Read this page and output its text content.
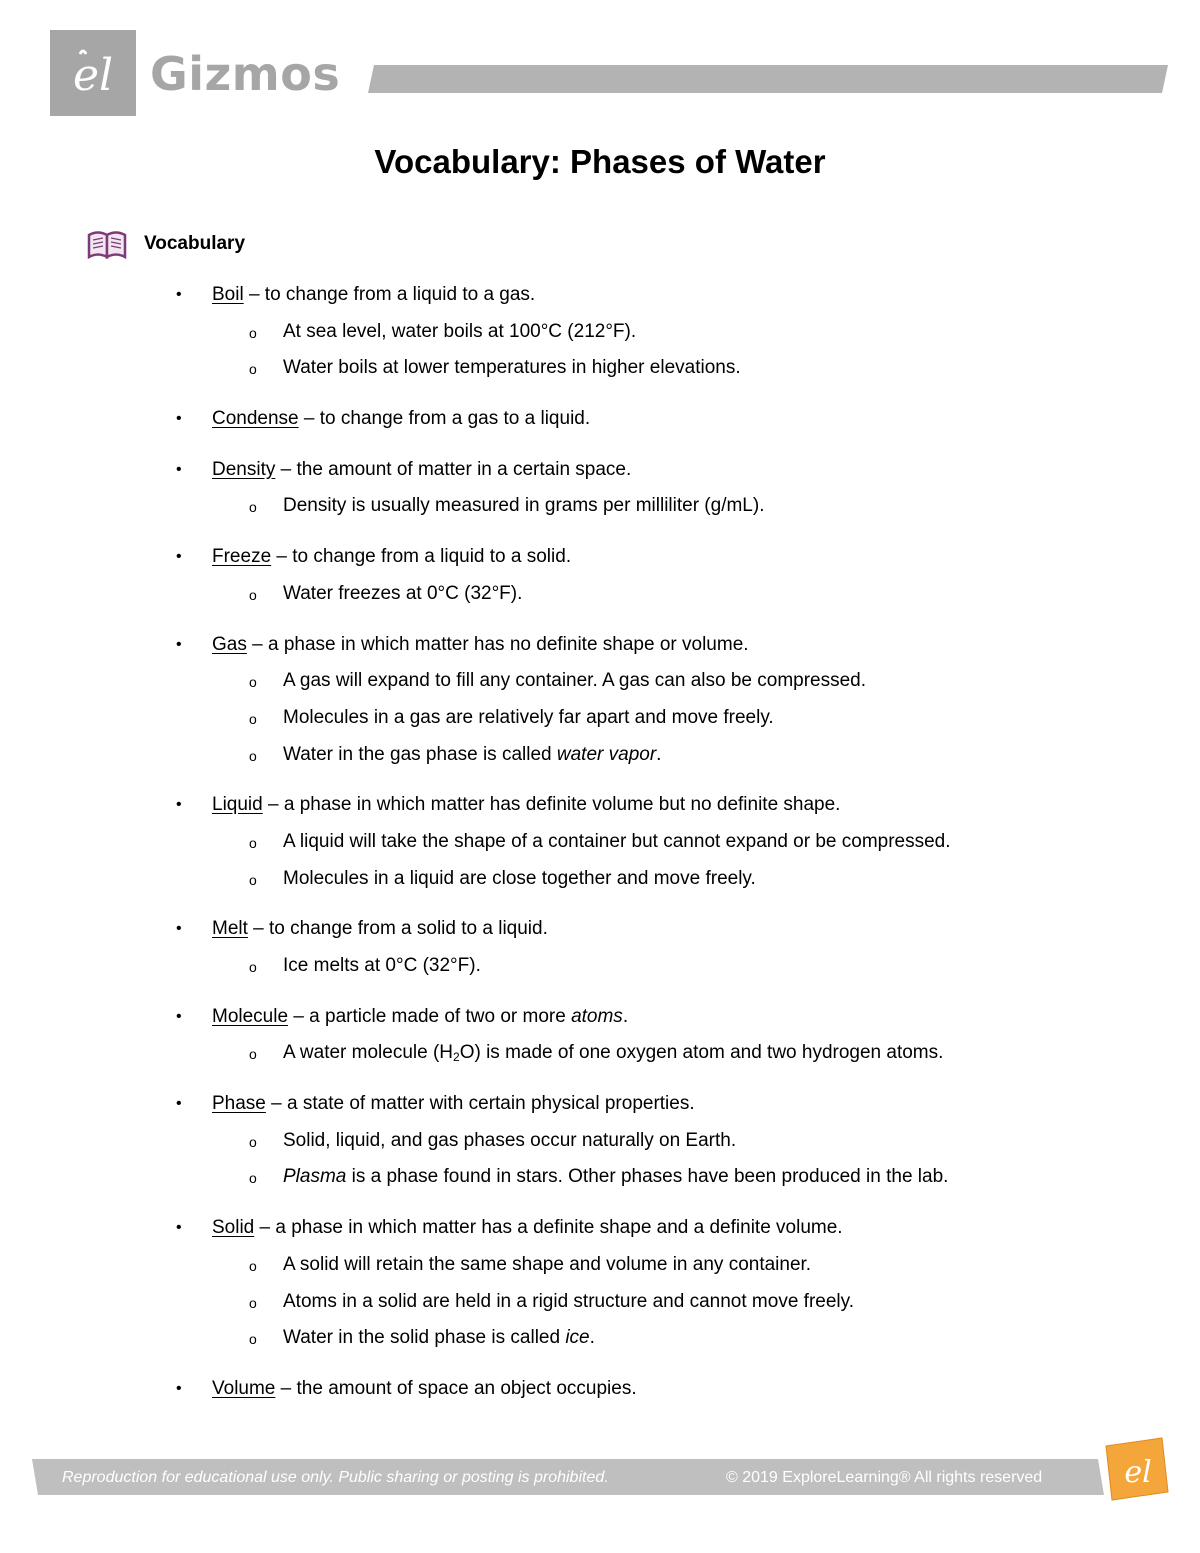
el Gizmos
Vocabulary: Phases of Water
Vocabulary
• Boil – to change from a liquid to a gas.
o At sea level, water boils at 100°C (212°F).
o Water boils at lower temperatures in higher elevations.
• Condense – to change from a gas to a liquid.
• Density – the amount of matter in a certain space.
o Density is usually measured in grams per milliliter (g/mL).
• Freeze – to change from a liquid to a solid.
o Water freezes at 0°C (32°F).
• Gas – a phase in which matter has no definite shape or volume.
o A gas will expand to fill any container. A gas can also be compressed.
o Molecules in a gas are relatively far apart and move freely.
o Water in the gas phase is called water vapor.
• Liquid – a phase in which matter has definite volume but no definite shape.
o A liquid will take the shape of a container but cannot expand or be compressed.
o Molecules in a liquid are close together and move freely.
• Melt – to change from a solid to a liquid.
o Ice melts at 0°C (32°F).
• Molecule – a particle made of two or more atoms.
o A water molecule $(H_2O)$ is made of one oxygen atom and two hydrogen atoms.
• Phase – a state of matter with certain physical properties.
o Solid, liquid, and gas phases occur naturally on Earth.
o Plasma is a phase found in stars. Other phases have been produced in the lab.
• Solid – a phase in which matter has a definite shape and a definite volume.
o A solid will retain the same shape and volume in any container.
o Atoms in a solid are held in a rigid structure and cannot move freely.
o Water in the solid phase is called ice.
• Volume – the amount of space an object occupies.
Reproduction for educational use only. Public sharing or posting is prohibited.	© 2019 ExploreLearning® All rights reserved	el
